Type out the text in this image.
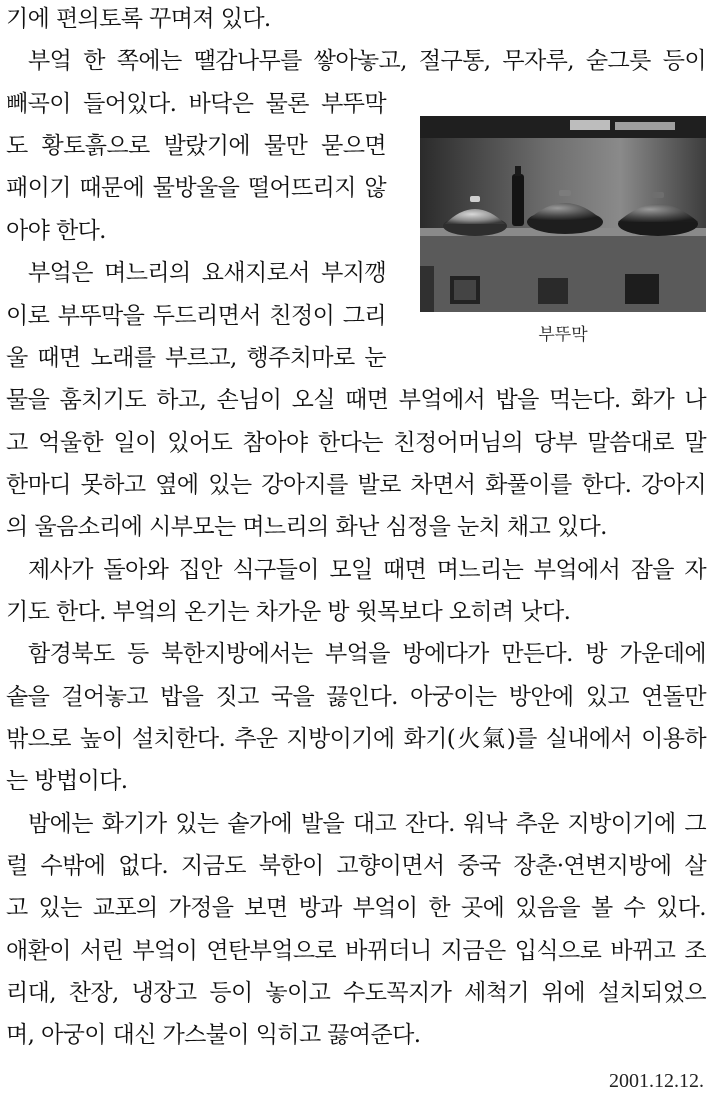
기에 편의토록 꾸며져 있다.
부엌 한 쪽에는 땔감나무를 쌓아놓고, 절구통, 무자루, 숟그릇 등이
빼곡이 들어있다. 바닥은 물론 부뚜막
도 황토흙으로 발랐기에 물만 묻으면
패이기 때문에 물방울을 떨어뜨리지 않
아야 한다.
부엌은 며느리의 요새지로서 부지깽
이로 부뚜막을 두드리면서 친정이 그리
울 때면 노래를 부르고, 행주치마로 눈
물을 훔치기도 하고, 손님이 오실 때면 부엌에서 밥을 먹는다. 화가 나
고 억울한 일이 있어도 참아야 한다는 친정어머님의 당부 말씀대로 말
한마디 못하고 옆에 있는 강아지를 발로 차면서 화풀이를 한다. 강아지
의 울음소리에 시부모는 며느리의 화난 심정을 눈치 채고 있다.
제사가 돌아와 집안 식구들이 모일 때면 며느리는 부엌에서 잠을 자
기도 한다. 부엌의 온기는 차가운 방 윗목보다 오히려 낫다.
함경북도 등 북한지방에서는 부엌을 방에다가 만든다. 방 가운데에
솥을 걸어놓고 밥을 짓고 국을 끓인다. 아궁이는 방안에 있고 연돌만
밖으로 높이 설치한다. 추운 지방이기에 화기(火氣)를 실내에서 이용하
는 방법이다.
밤에는 화기가 있는 솥가에 발을 대고 잔다. 워낙 추운 지방이기에 그
럴 수밖에 없다. 지금도 북한이 고향이면서 중국 장춘·연변지방에 살
고 있는 교포의 가정을 보면 방과 부엌이 한 곳에 있음을 볼 수 있다.
애환이 서린 부엌이 연탄부엌으로 바뀌더니 지금은 입식으로 바뀌고 조
리대, 찬장, 냉장고 등이 놓이고 수도꼭지가 세척기 위에 설치되었으
며, 아궁이 대신 가스불이 익히고 끓여준다.
부뚜막
2001.12.12.
